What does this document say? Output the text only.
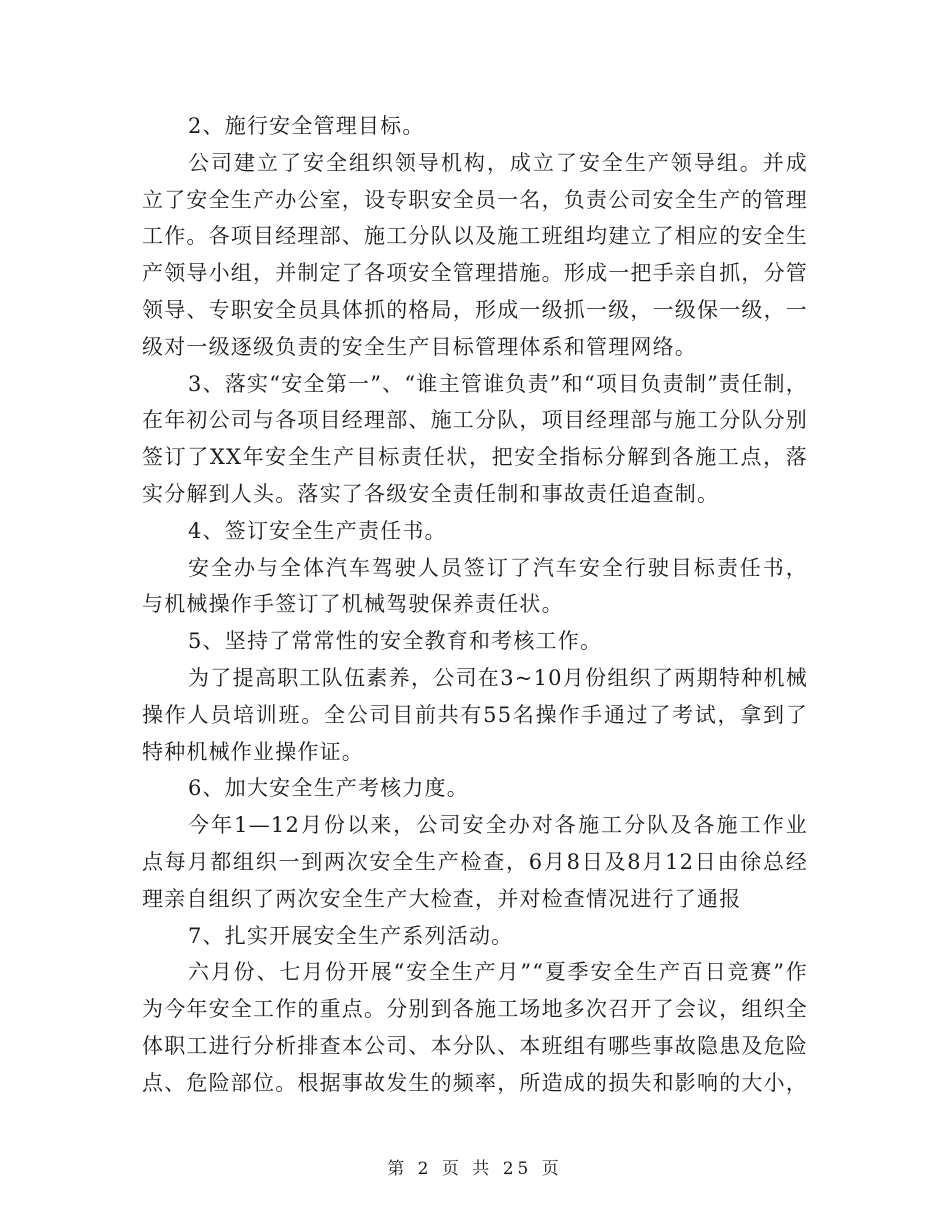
2、施行安全管理目标。

公司建立了安全组织领导机构，成立了安全生产领导组。并成立了安全生产办公室，设专职安全员一名，负责公司安全生产的管理工作。各项目经理部、施工分队以及施工班组均建立了相应的安全生产领导小组，并制定了各项安全管理措施。形成一把手亲自抓，分管领导、专职安全员具体抓的格局，形成一级抓一级，一级保一级，一级对一级逐级负责的安全生产目标管理体系和管理网络。

3、落实“安全第一”、“谁主管谁负责”和“项目负责制”责任制，在年初公司与各项目经理部、施工分队，项目经理部与施工分队分别签订了XX年安全生产目标责任状，把安全指标分解到各施工点，落实分解到人头。落实了各级安全责任制和事故责任追查制。

4、签订安全生产责任书。

安全办与全体汽车驾驶人员签订了汽车安全行驶目标责任书，与机械操作手签订了机械驾驶保养责任状。

5、坚持了常常性的安全教育和考核工作。

为了提高职工队伍素养，公司在3~10月份组织了两期特种机械操作人员培训班。全公司目前共有55名操作手通过了考试，拿到了特种机械作业操作证。

6、加大安全生产考核力度。

今年1—12月份以来，公司安全办对各施工分队及各施工作业点每月都组织一到两次安全生产检查，6月8日及8月12日由徐总经理亲自组织了两次安全生产大检查，并对检查情况进行了通报

7、扎实开展安全生产系列活动。

六月份、七月份开展“安全生产月”“夏季安全生产百日竞赛”作为今年安全工作的重点。分别到各施工场地多次召开了会议，组织全体职工进行分析排查本公司、本分队、本班组有哪些事故隐患及危险点、危险部位。根据事故发生的频率，所造成的损失和影响的大小，

第 2 页 共 25 页
